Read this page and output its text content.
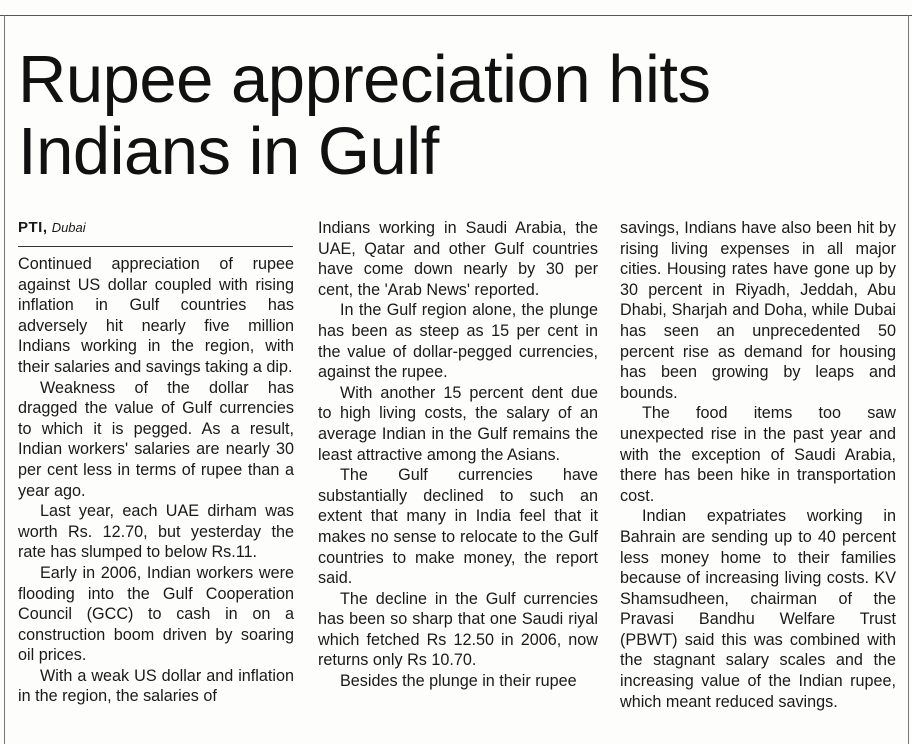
Rupee appreciation hits
Indians in Gulf
PTI, Dubai

Continued appreciation of rupee against US dollar coupled with rising inflation in Gulf countries has adversely hit nearly five million Indians working in the region, with their salaries and savings taking a dip.

Weakness of the dollar has dragged the value of Gulf currencies to which it is pegged. As a result, Indian workers' salaries are nearly 30 per cent less in terms of rupee than a year ago.

Last year, each UAE dirham was worth Rs. 12.70, but yesterday the rate has slumped to below Rs.11.

Early in 2006, Indian workers were flooding into the Gulf Cooperation Council (GCC) to cash in on a construction boom driven by soaring oil prices.

With a weak US dollar and inflation in the region, the salaries of

Indians working in Saudi Arabia, the UAE, Qatar and other Gulf countries have come down nearly by 30 per cent, the 'Arab News' reported.

In the Gulf region alone, the plunge has been as steep as 15 per cent in the value of dollar-pegged currencies, against the rupee.

With another 15 percent dent due to high living costs, the salary of an average Indian in the Gulf remains the least attractive among the Asians.

The Gulf currencies have substantially declined to such an extent that many in India feel that it makes no sense to relocate to the Gulf countries to make money, the report said.

The decline in the Gulf currencies has been so sharp that one Saudi riyal which fetched Rs 12.50 in 2006, now returns only Rs 10.70.

Besides the plunge in their rupee

savings, Indians have also been hit by rising living expenses in all major cities. Housing rates have gone up by 30 percent in Riyadh, Jeddah, Abu Dhabi, Sharjah and Doha, while Dubai has seen an unprecedented 50 percent rise as demand for housing has been growing by leaps and bounds.

The food items too saw unexpected rise in the past year and with the exception of Saudi Arabia, there has been hike in transportation cost.

Indian expatriates working in Bahrain are sending up to 40 percent less money home to their families because of increasing living costs. KV Shamsudheen, chairman of the Pravasi Bandhu Welfare Trust (PBWT) said this was combined with the stagnant salary scales and the increasing value of the Indian rupee, which meant reduced savings.
